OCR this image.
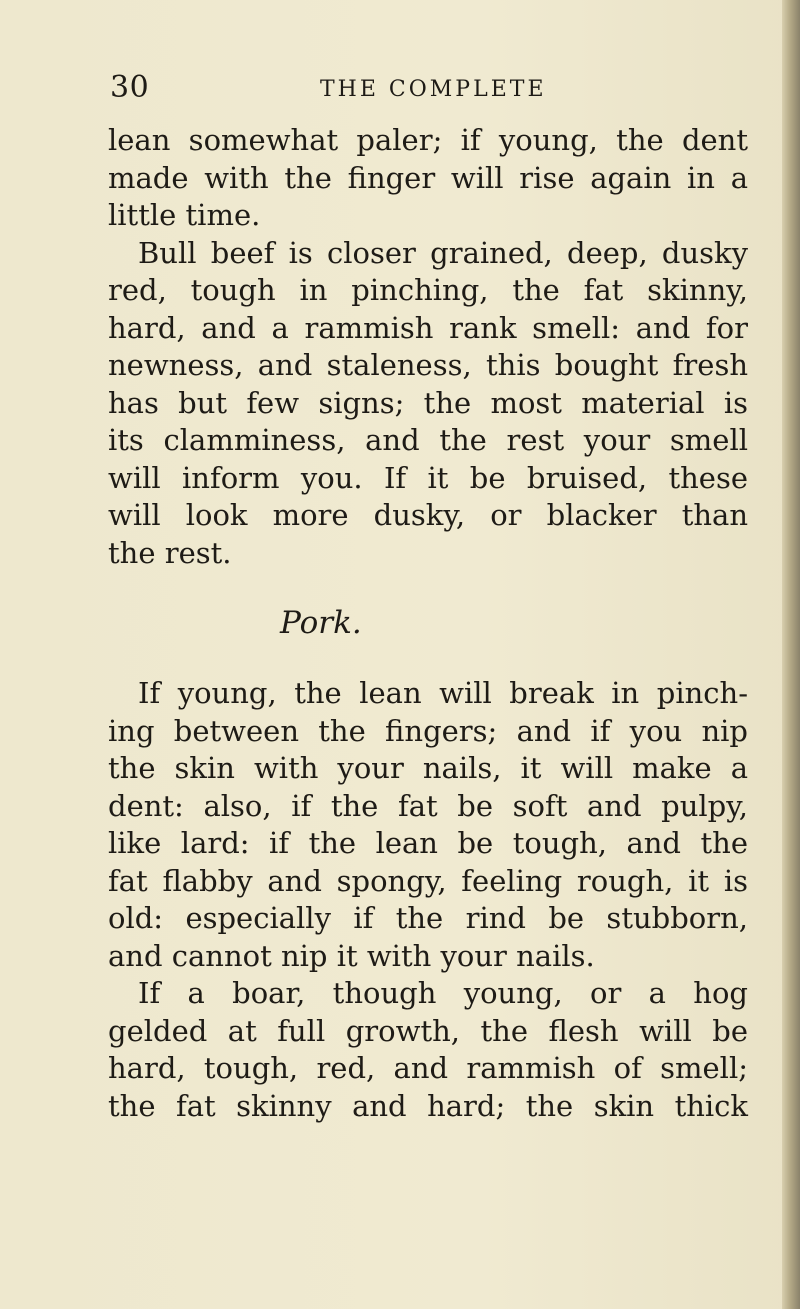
30	THE COMPLETE
lean somewhat paler; if young, the dent
made with the finger will rise again in a
little time.
Bull beef is closer grained, deep, dusky
red, tough in pinching, the fat skinny,
hard, and a rammish rank smell: and for
newness, and staleness, this bought fresh
has but few signs; the most material is
its clamminess, and the rest your smell
will inform you. If it be bruised, these
will look more dusky, or blacker than
the rest.
Pork.
If young, the lean will break in pinch-
ing between the fingers; and if you nip
the skin with your nails, it will make a
dent: also, if the fat be soft and pulpy,
like lard: if the lean be tough, and the
fat flabby and spongy, feeling rough, it is
old: especially if the rind be stubborn,
and cannot nip it with your nails.
If a boar, though young, or a hog
gelded at full growth, the flesh will be
hard, tough, red, and rammish of smell;
the fat skinny and hard; the skin thick
